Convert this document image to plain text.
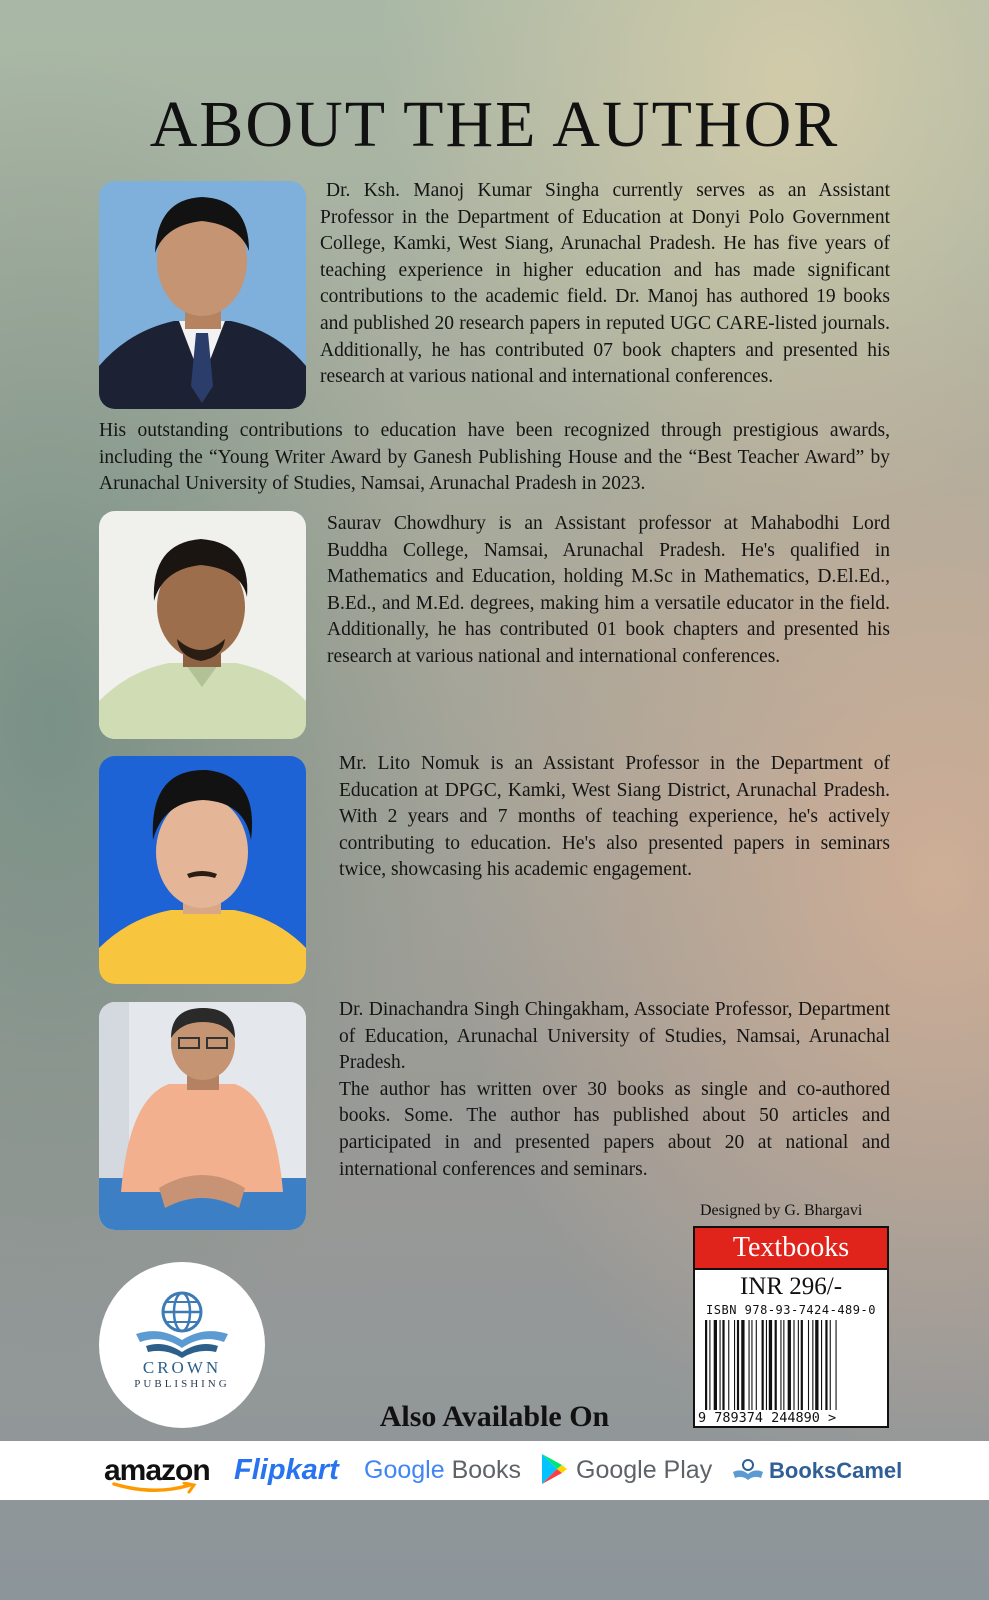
ABOUT THE AUTHOR
Dr. Ksh. Manoj Kumar Singha currently serves as an Assistant Professor in the Department of Education at Donyi Polo Government College, Kamki, West Siang, Arunachal Pradesh. He has five years of teaching experience in higher education and has made significant contributions to the academic field. Dr. Manoj has authored 19 books and published 20 research papers in reputed UGC CARE-listed journals. Additionally, he has contributed 07 book chapters and presented his research at various national and international conferences.
His outstanding contributions to education have been recognized through prestigious awards, including the “Young Writer Award by Ganesh Publishing House and the “Best Teacher Award” by Arunachal University of Studies, Namsai, Arunachal Pradesh in 2023.
Saurav Chowdhury is an Assistant professor at Mahabodhi Lord Buddha College, Namsai, Arunachal Pradesh. He's qualified in Mathematics and Education, holding M.Sc in Mathematics, D.El.Ed., B.Ed., and M.Ed. degrees, making him a versatile educator in the field. Additionally, he has contributed 01 book chapters and presented his research at various national and international conferences.
Mr. Lito Nomuk is an Assistant Professor in the Department of Education at DPGC, Kamki, West Siang District, Arunachal Pradesh. With 2 years and 7 months of teaching experience, he's actively contributing to education. He's also presented papers in seminars twice, showcasing his academic engagement.
Dr. Dinachandra Singh Chingakham, Associate Professor, Department of Education, Arunachal University of Studies, Namsai, Arunachal Pradesh.
The author has written over 30 books as single and co-authored books. Some. The author has published about 50 articles and participated in and presented papers about 20 at national and international conferences and seminars.
Designed by G. Bhargavi
Textbooks
INR 296/-
ISBN 978-93-7424-489-0
9 789374 244890 >
CROWN
PUBLISHING
Also Available On
amazon Flipkart Google Books	Google Play	BooksCamel
